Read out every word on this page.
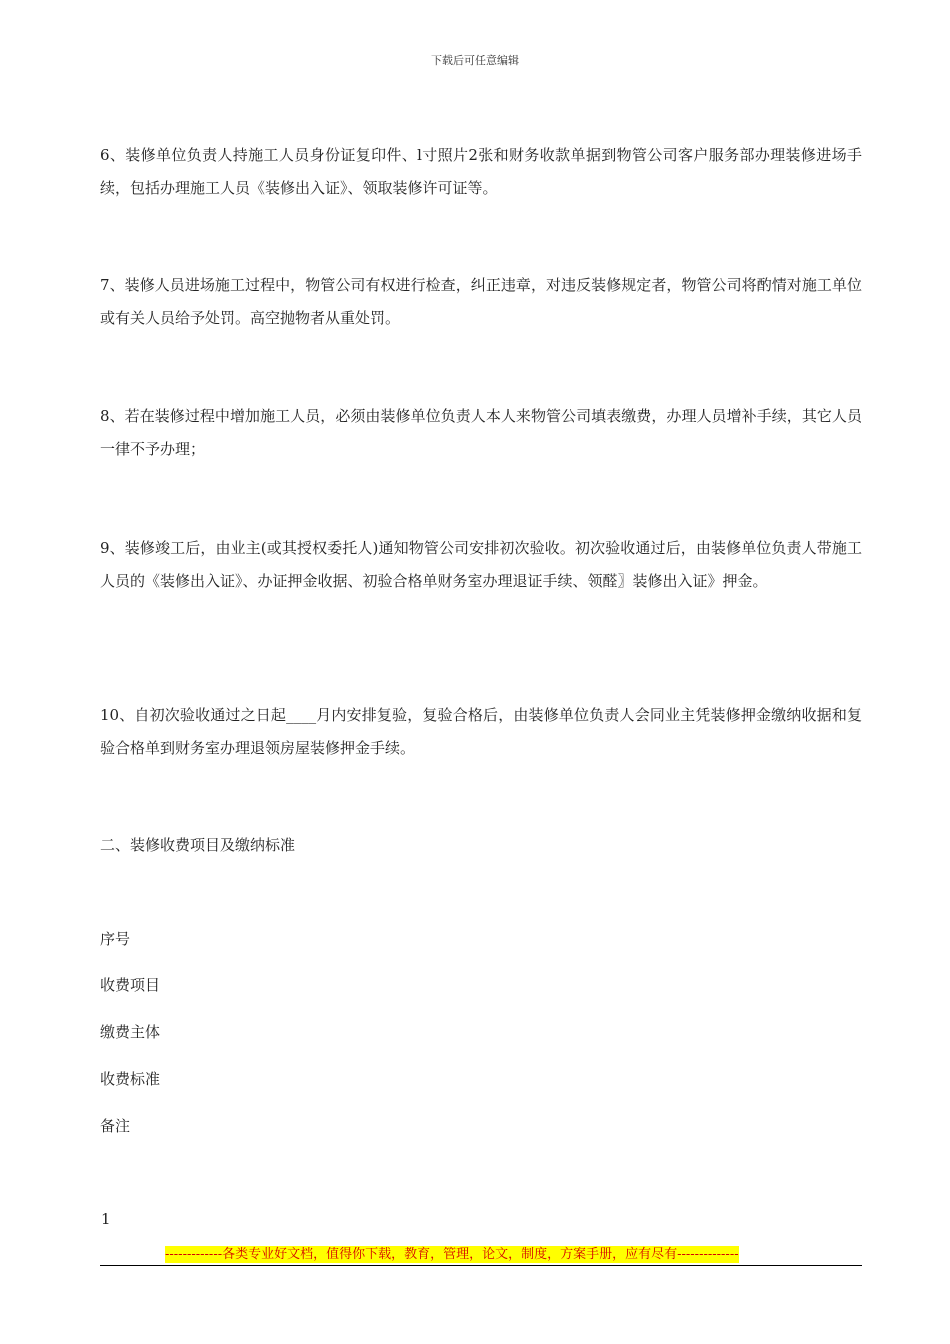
下载后可任意编辑

6、装修单位负责人持施工人员身份证复印件、l寸照片2张和财务收款单据到物管公司客户服务部办理装修进场手续，包括办理施工人员《装修出入证》、领取装修许可证等。

7、装修人员进场施工过程中，物管公司有权进行检查，纠正违章，对违反装修规定者，物管公司将酌情对施工单位或有关人员给予处罚。高空抛物者从重处罚。

8、若在装修过程中增加施工人员，必须由装修单位负责人本人来物管公司填表缴费，办理人员增补手续，其它人员一律不予办理；

9、装修竣工后，由业主(或其授权委托人)通知物管公司安排初次验收。初次验收通过后，由装修单位负责人带施工人员的《装修出入证》、办证押金收据、初验合格单财务室办理退证手续、领醛〗装修出入证》押金。

10、自初次验收通过之日起____月内安排复验，复验合格后，由装修单位负责人会同业主凭装修押金缴纳收据和复验合格单到财务室办理退领房屋装修押金手续。

二、装修收费项目及缴纳标准
序号
收费项目
缴费主体
收费标准
备注
1
-------------各类专业好文档，值得你下载，教育，管理，论文，制度，方案手册，应有尽有--------------
